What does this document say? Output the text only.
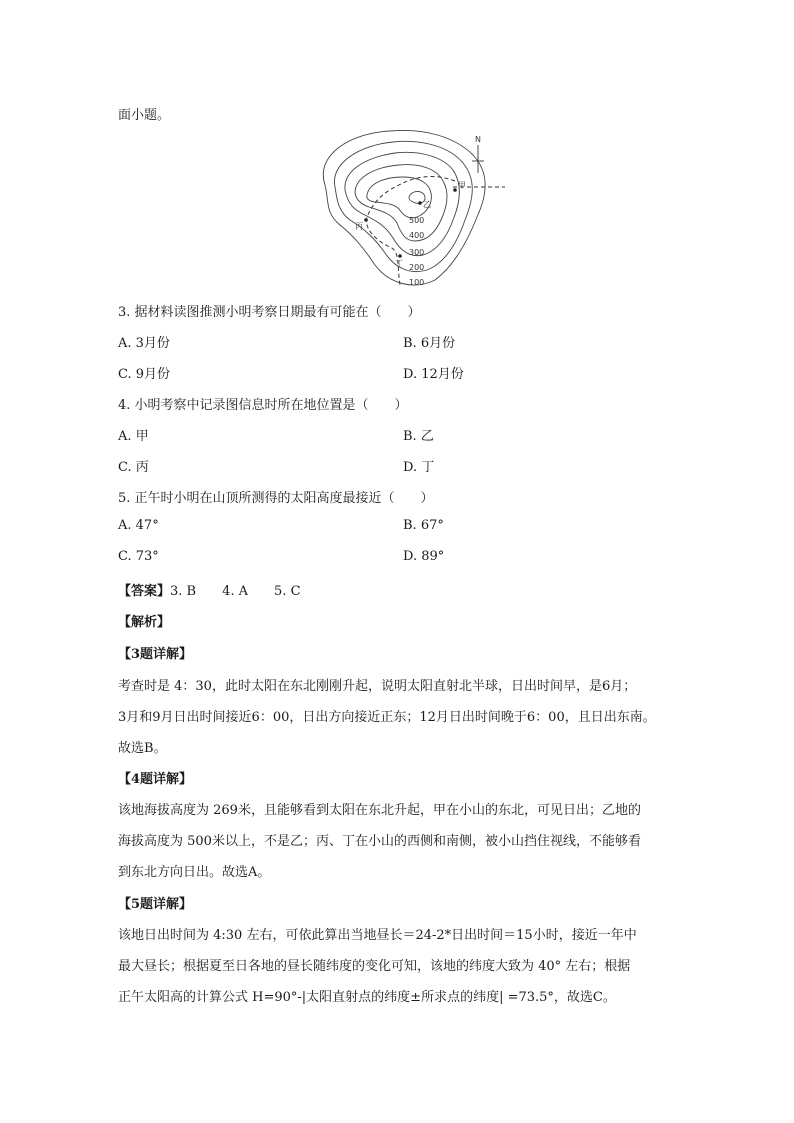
面小题。
N
甲
乙
丙
丁
500
400
300
200
100
3. 据材料读图推测小明考察日期最有可能在（　　）
A. 3月份	B. 6月份
C. 9月份	D. 12月份
4. 小明考察中记录图信息时所在地位置是（　　）
A. 甲	B. 乙
C. 丙	D. 丁
5. 正午时小明在山顶所测得的太阳高度最接近（　　）
A. 47°	B. 67°
C. 73°	D. 89°
【答案】3. B　　4. A　　5. C
【解析】
【3题详解】
考查时是 4：30，此时太阳在东北刚刚升起，说明太阳直射北半球，日出时间早，是6月；
3月和9月日出时间接近6：00，日出方向接近正东；12月日出时间晚于6：00，且日出东南。
故选B。
【4题详解】
该地海拔高度为 269米，且能够看到太阳在东北升起，甲在小山的东北，可见日出；乙地的
海拔高度为 500米以上，不是乙；丙、丁在小山的西侧和南侧，被小山挡住视线，不能够看
到东北方向日出。故选A。
【5题详解】
该地日出时间为 4:30 左右，可依此算出当地昼长＝24-2*日出时间＝15小时，接近一年中
最大昼长；根据夏至日各地的昼长随纬度的变化可知，该地的纬度大致为 40° 左右；根据
正午太阳高的计算公式 H=90°-|太阳直射点的纬度±所求点的纬度| =73.5°，故选C。
